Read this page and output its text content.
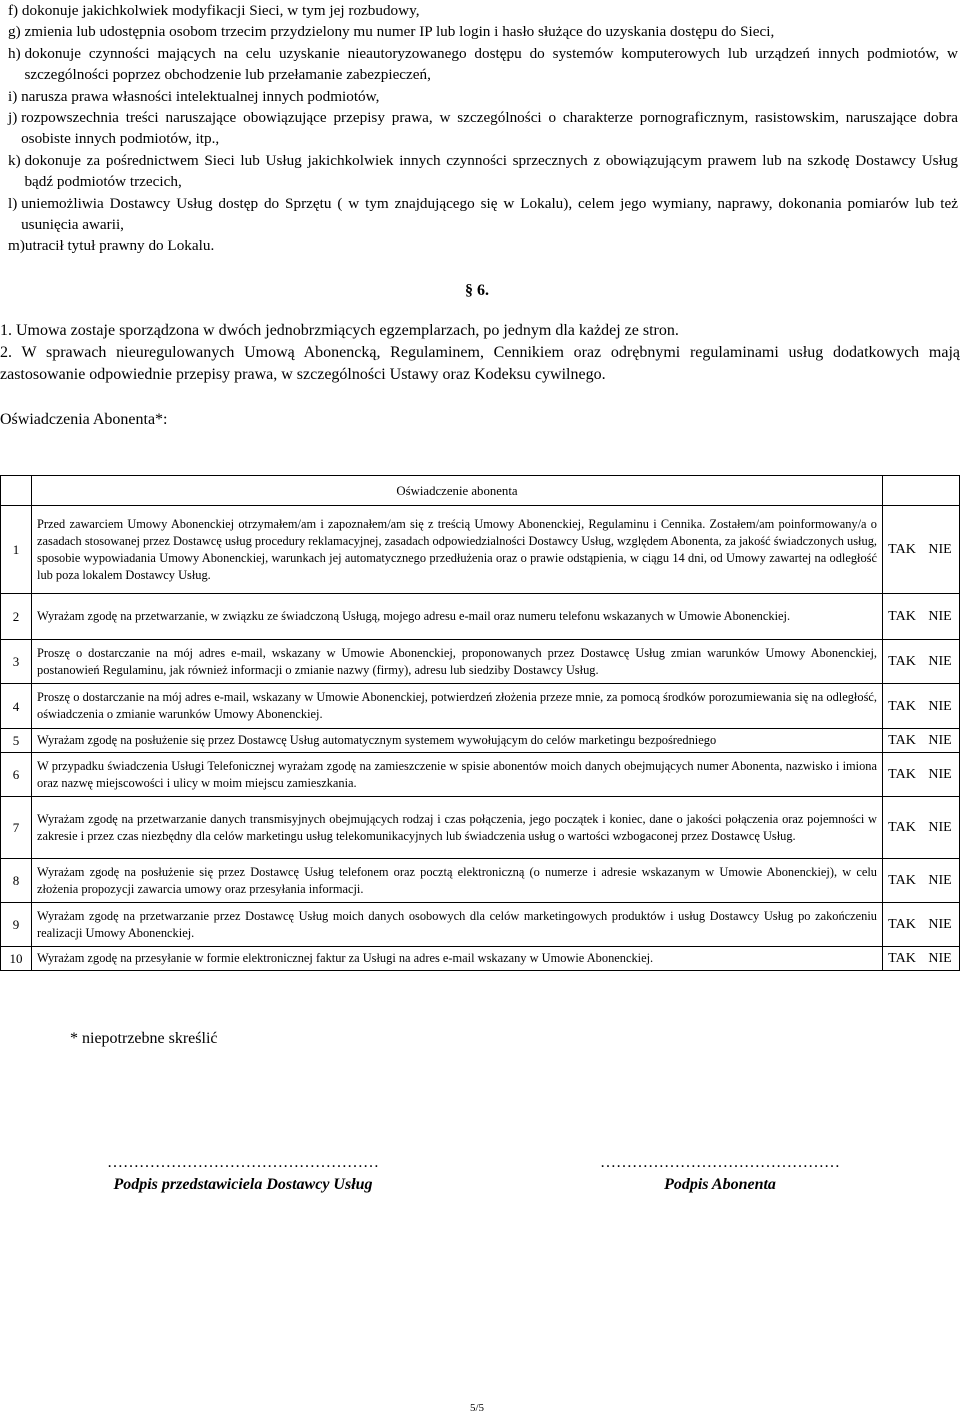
f) dokonuje jakichkolwiek modyfikacji Sieci, w tym jej rozbudowy,
g) zmienia lub udostępnia osobom trzecim przydzielony mu numer IP lub login i hasło służące do uzyskania dostępu do Sieci,
h) dokonuje czynności mających na celu uzyskanie nieautoryzowanego dostępu do systemów komputerowych lub urządzeń innych podmiotów, w szczególności poprzez obchodzenie lub przełamanie zabezpieczeń,
i) narusza prawa własności intelektualnej innych podmiotów,
j) rozpowszechnia treści naruszające obowiązujące przepisy prawa, w szczególności o charakterze pornograficznym, rasistowskim, naruszające dobra osobiste innych podmiotów, itp.,
k) dokonuje za pośrednictwem Sieci lub Usług jakichkolwiek innych czynności sprzecznych z obowiązującym prawem lub na szkodę Dostawcy Usług bądź podmiotów trzecich,
l) uniemożliwia Dostawcy Usług dostęp do Sprzętu ( w tym znajdującego się w Lokalu), celem jego wymiany, naprawy, dokonania pomiarów lub też usunięcia awarii,
m) utracił tytuł prawny do Lokalu.
§ 6.
1. Umowa zostaje sporządzona w dwóch jednobrzmiących egzemplarzach, po jednym dla każdej ze stron.
2. W sprawach nieuregulowanych Umową Abonencką, Regulaminem, Cennikiem oraz odrębnymi regulaminami usług dodatkowych mają zastosowanie odpowiednie przepisy prawa, w szczególności Ustawy oraz Kodeksu cywilnego.
Oświadczenia Abonenta*:
	Oświadczenie abonenta		
1	Przed zawarciem Umowy Abonenckiej otrzymałem/am i zapoznałem/am się z treścią Umowy Abonenckiej, Regulaminu i Cennika. Zostałem/am poinformowany/a o zasadach stosowanej przez Dostawcę usług procedury reklamacyjnej, zasadach odpowiedzialności Dostawcy Usług, względem Abonenta, za jakość świadczonych usług, sposobie wypowiadania Umowy Abonenckiej, warunkach jej automatycznego przedłużenia oraz o prawie odstąpienia, w ciągu 14 dni, od Umowy zawartej na odległość lub poza lokalem Dostawcy Usług.	TAK	NIE
2	Wyrażam zgodę na przetwarzanie, w związku ze świadczoną Usługą, mojego adresu e-mail oraz numeru telefonu wskazanych w Umowie Abonenckiej.	TAK	NIE
3	Proszę o dostarczanie na mój adres e-mail, wskazany w Umowie Abonenckiej, proponowanych przez Dostawcę Usług zmian warunków Umowy Abonenckiej, postanowień Regulaminu, jak również informacji o zmianie nazwy (firmy), adresu lub siedziby Dostawcy Usług.	TAK	NIE
4	Proszę o dostarczanie na mój adres e-mail, wskazany w Umowie Abonenckiej, potwierdzeń złożenia przeze mnie, za pomocą środków porozumiewania się na odległość, oświadczenia o zmianie warunków Umowy Abonenckiej.	TAK	NIE
5	Wyrażam zgodę na posłużenie się przez Dostawcę Usług automatycznym systemem wywołującym do celów marketingu bezpośredniego	TAK	NIE
6	W przypadku świadczenia Usługi Telefonicznej wyrażam zgodę na zamieszczenie w spisie abonentów moich danych obejmujących numer Abonenta, nazwisko i imiona oraz nazwę miejscowości i ulicy w moim miejscu zamieszkania.	TAK	NIE
7	Wyrażam zgodę na przetwarzanie danych transmisyjnych obejmujących rodzaj i czas połączenia, jego początek i koniec, dane o jakości połączenia oraz pojemności w zakresie i przez czas niezbędny dla celów marketingu usług telekomunikacyjnych lub świadczenia usług o wartości wzbogaconej przez Dostawcę Usług.	TAK	NIE
8	Wyrażam zgodę na posłużenie się przez Dostawcę Usług telefonem oraz pocztą elektroniczną (o numerze i adresie wskazanym w Umowie Abonenckiej), w celu złożenia propozycji zawarcia umowy oraz przesyłania informacji.	TAK	NIE
9	Wyrażam zgodę na przetwarzanie przez Dostawcę Usług moich danych osobowych dla celów marketingowych produktów i usług Dostawcy Usług po zakończeniu realizacji Umowy Abonenckiej.	TAK	NIE
10	Wyrażam zgodę na przesyłanie w formie elektronicznej faktur za Usługi na adres e-mail wskazany w Umowie Abonenckiej.	TAK	NIE
* niepotrzebne skreślić
……………………………………………
Podpis przedstawiciela Dostawcy Usług
………………………………………
Podpis Abonenta
5/5
